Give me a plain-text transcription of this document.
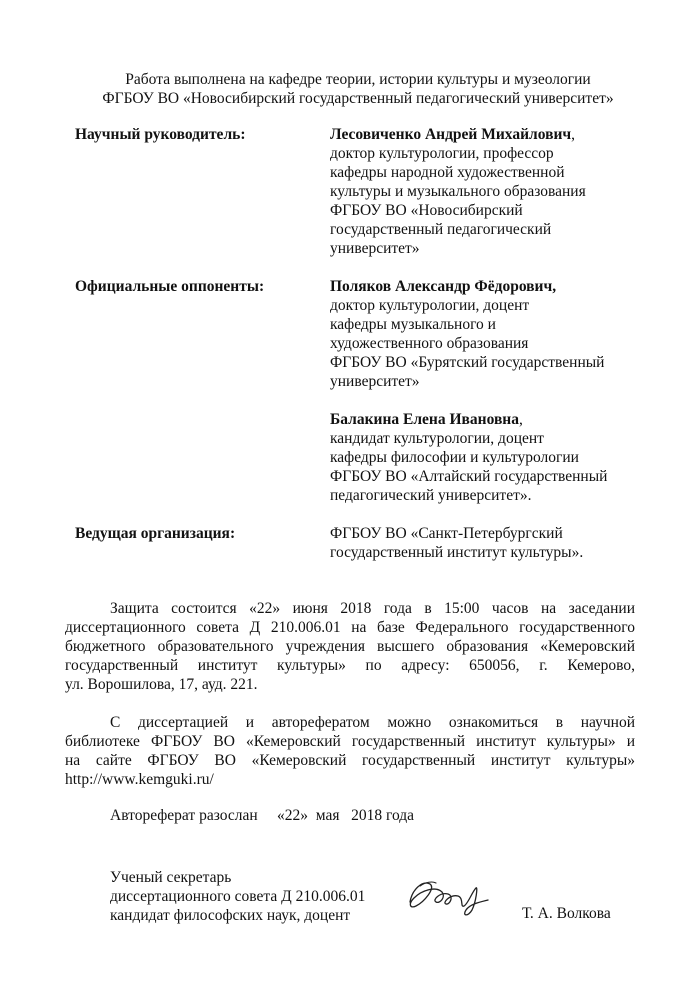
Работа выполнена на кафедре теории, истории культуры и музеологии
ФГБОУ ВО «Новосибирский государственный педагогический университет»
Научный руководитель:	Лесовиченко Андрей Михайлович,
доктор культурологии, профессор
кафедры народной художественной
культуры и музыкального образования
ФГБОУ ВО «Новосибирский
государственный педагогический
университет»
Официальные оппоненты:	Поляков Александр Фёдорович,
доктор культурологии, доцент
кафедры музыкального и
художественного образования
ФГБОУ ВО «Бурятский государственный
университет»
Балакина Елена Ивановна,
кандидат культурологии, доцент
кафедры философии и культурологии
ФГБОУ ВО «Алтайский государственный
педагогический университет».
Ведущая организация:	ФГБОУ ВО «Санкт-Петербургский
государственный институт культуры».
Защита состоится «22» июня 2018 года в 15:00 часов на заседании
диссертационного совета Д 210.006.01 на базе Федерального государственного
бюджетного образовательного учреждения высшего образования «Кемеровский
государственный институт культуры» по адресу: 650056, г. Кемерово,
ул. Ворошилова, 17, ауд. 221.
С диссертацией и авторефератом можно ознакомиться в научной
библиотеке ФГБОУ ВО «Кемеровский государственный институт культуры» и
на сайте ФГБОУ ВО «Кемеровский государственный институт культуры»
http://www.kemguki.ru/
Автореферат разослан     «22»  мая   2018 года
Ученый секретарь
диссертационного совета Д 210.006.01
кандидат философских наук, доцент	Т. А. Волкова
